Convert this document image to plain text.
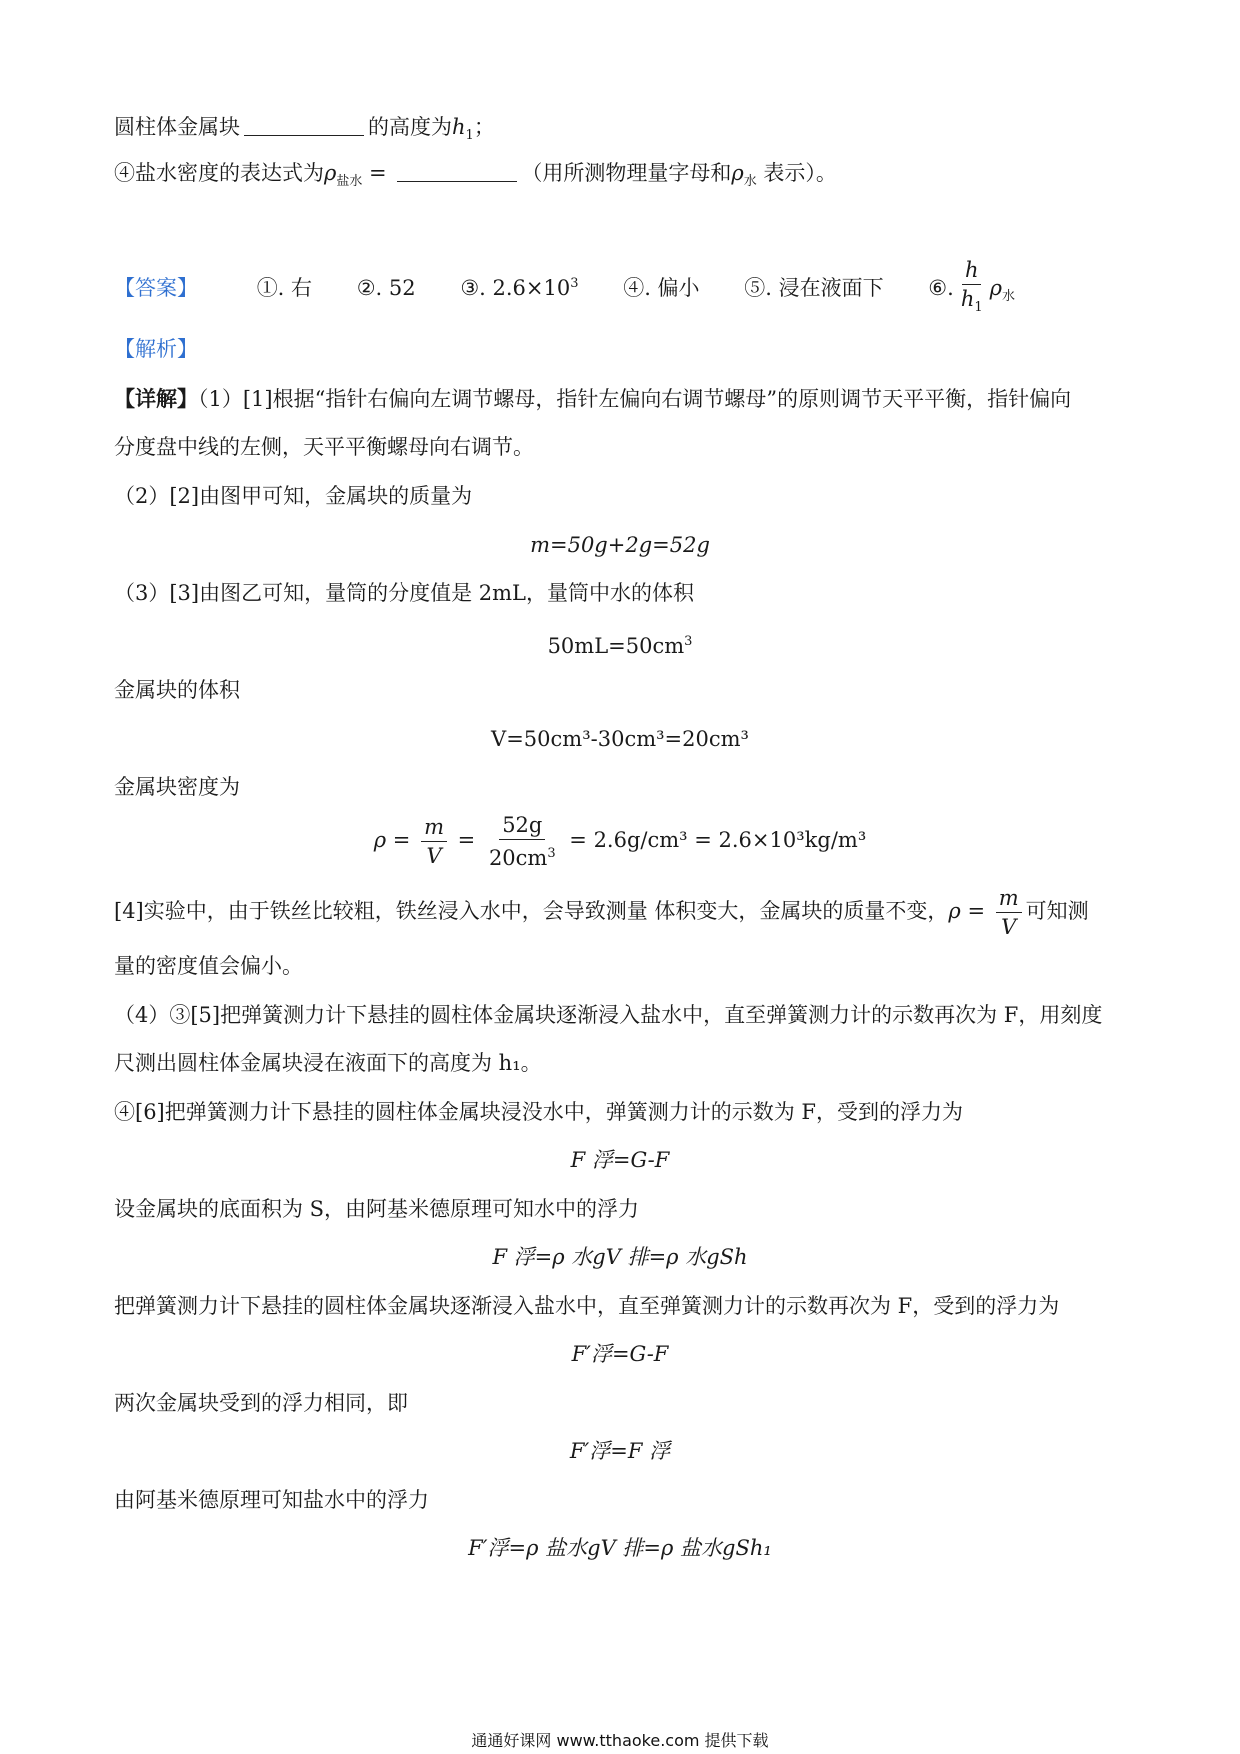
圆柱体金属块	的高度为$h_1$；
④盐水密度的表达式为$\rho_{盐水}$ =	（用所测物理量字母和$\rho_水$ 表示）。
【答案】	①. 右 ②. 52 ③. $2.6\times 10^3$ ④. 偏小 ⑤. 浸在液面下 ⑥. $\frac{h}{h_1} \rho_水$
【解析】
【详解】（1）[1]根据“指针右偏向左调节螺母，指针左偏向右调节螺母”的原则调节天平平衡，指针偏向
分度盘中线的左侧，天平平衡螺母向右调节。
（2）[2]由图甲可知，金属块的质量为
m=50g+2g=52g
（3）[3]由图乙可知，量筒的分度值是 2mL，量筒中水的体积
$50mL=50cm^3$
金属块的体积
V=50cm³-30cm³=20cm³
金属块密度为
$\rho = \frac{m}{V} = \frac{52g}{20cm^3} = 2.6g/cm^3 = 2.6\times 10^3kg/m^3$
[4]实验中，由于铁丝比较粗，铁丝浸入水中，会导致测量 体积变大，金属块的质量不变，$\rho = \frac{m}{V}$ 可知测
量的密度值会偏小。
（4）③[5]把弹簧测力计下悬挂的圆柱体金属块逐渐浸入盐水中，直至弹簧测力计的示数再次为 F，用刻度
尺测出圆柱体金属块浸在液面下的高度为 h₁。
④[6]把弹簧测力计下悬挂的圆柱体金属块浸没水中，弹簧测力计的示数为 F，受到的浮力为
F 浮=G-F
设金属块的底面积为 S，由阿基米德原理可知水中的浮力
F 浮=ρ 水gV 排=ρ 水gSh
把弹簧测力计下悬挂的圆柱体金属块逐渐浸入盐水中，直至弹簧测力计的示数再次为 F，受到的浮力为
F′浮=G-F
两次金属块受到的浮力相同，即
F′浮=F 浮
由阿基米德原理可知盐水中的浮力
F′浮=ρ 盐水gV 排=ρ 盐水gSh₁
通通好课网 www.tthaoke.com 提供下载
